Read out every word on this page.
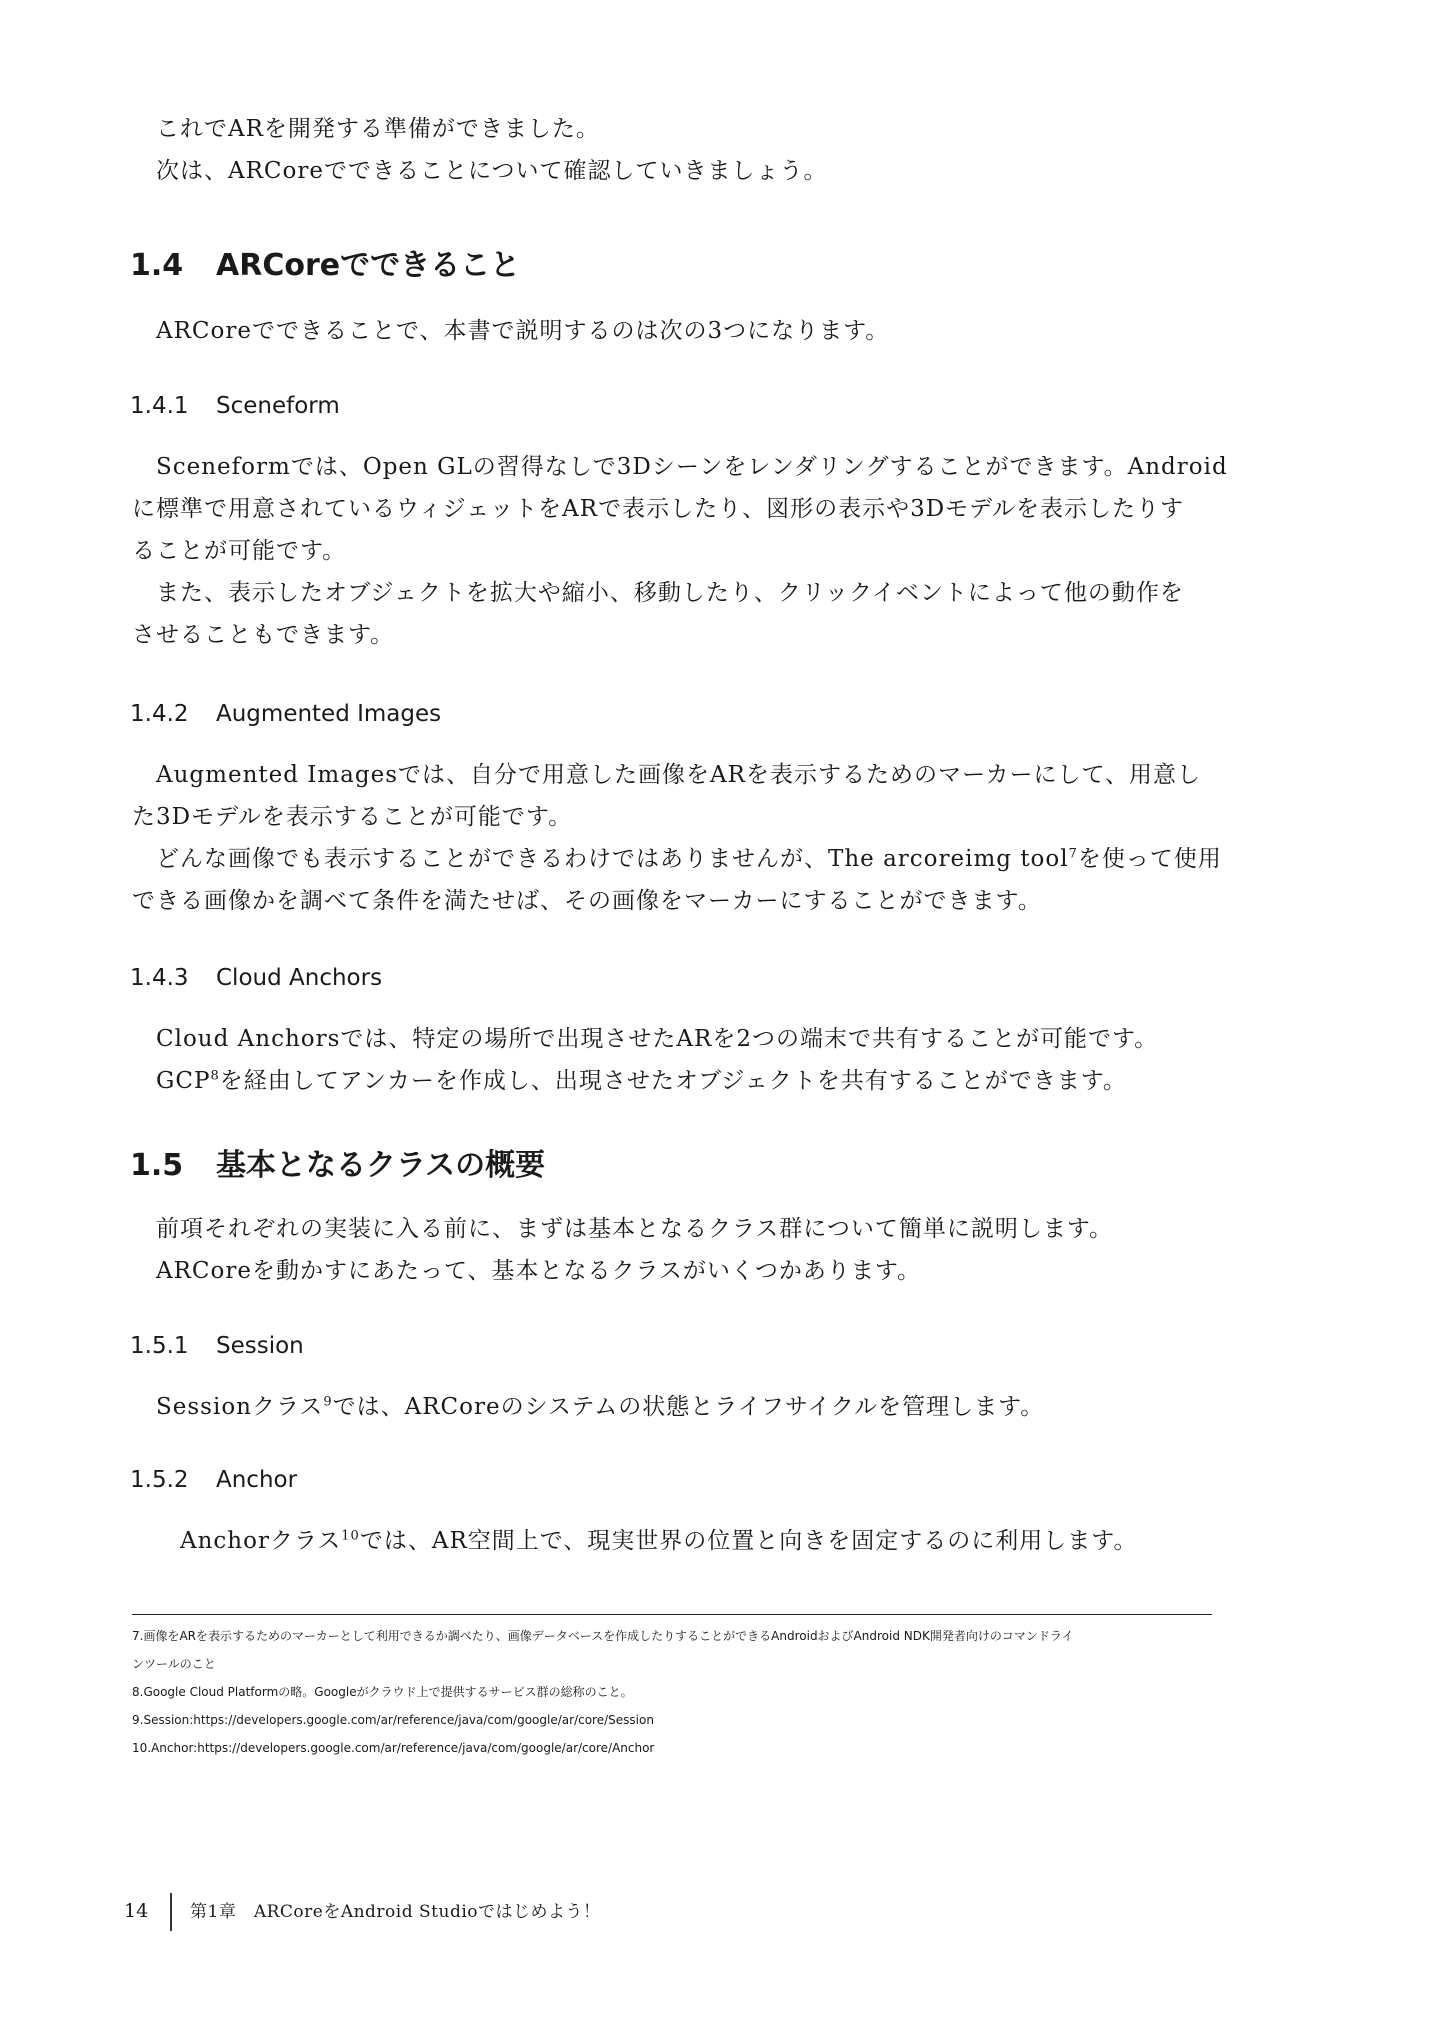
これでARを開発する準備ができました。
次は、ARCoreでできることについて確認していきましょう。
1.4 ARCoreでできること
ARCoreでできることで、本書で説明するのは次の3つになります。
1.4.1 Sceneform
Sceneformでは、Open GLの習得なしで3Dシーンをレンダリングすることができます。Android
に標準で用意されているウィジェットをARで表示したり、図形の表示や3Dモデルを表示したりす
ることが可能です。
また、表示したオブジェクトを拡大や縮小、移動したり、クリックイベントによって他の動作を
させることもできます。
1.4.2 Augmented Images
Augmented Imagesでは、自分で用意した画像をARを表示するためのマーカーにして、用意し
た3Dモデルを表示することが可能です。
どんな画像でも表示することができるわけではありませんが、The arcoreimg tool$^7$を使って使用
できる画像かを調べて条件を満たせば、その画像をマーカーにすることができます。
1.4.3 Cloud Anchors
Cloud Anchorsでは、特定の場所で出現させたARを2つの端末で共有することが可能です。
GCP$^8$を経由してアンカーを作成し、出現させたオブジェクトを共有することができます。
1.5 基本となるクラスの概要
前項それぞれの実装に入る前に、まずは基本となるクラス群について簡単に説明します。
ARCoreを動かすにあたって、基本となるクラスがいくつかあります。
1.5.1 Session
Sessionクラス$^9$では、ARCoreのシステムの状態とライフサイクルを管理します。
1.5.2 Anchor
Anchorクラス$^{10}$では、AR空間上で、現実世界の位置と向きを固定するのに利用します。
7.画像をARを表示するためのマーカーとして利用できるか調べたり、画像データベースを作成したりすることができるAndroidおよびAndroid NDK開発者向けのコマンドライ
ンツールのこと
8.Google Cloud Platformの略。Googleがクラウド上で提供するサービス群の総称のこと。
9.Session:https://developers.google.com/ar/reference/java/com/google/ar/core/Session
10.Anchor:https://developers.google.com/ar/reference/java/com/google/ar/core/Anchor
14 第1章　ARCoreをAndroid Studioではじめよう！
